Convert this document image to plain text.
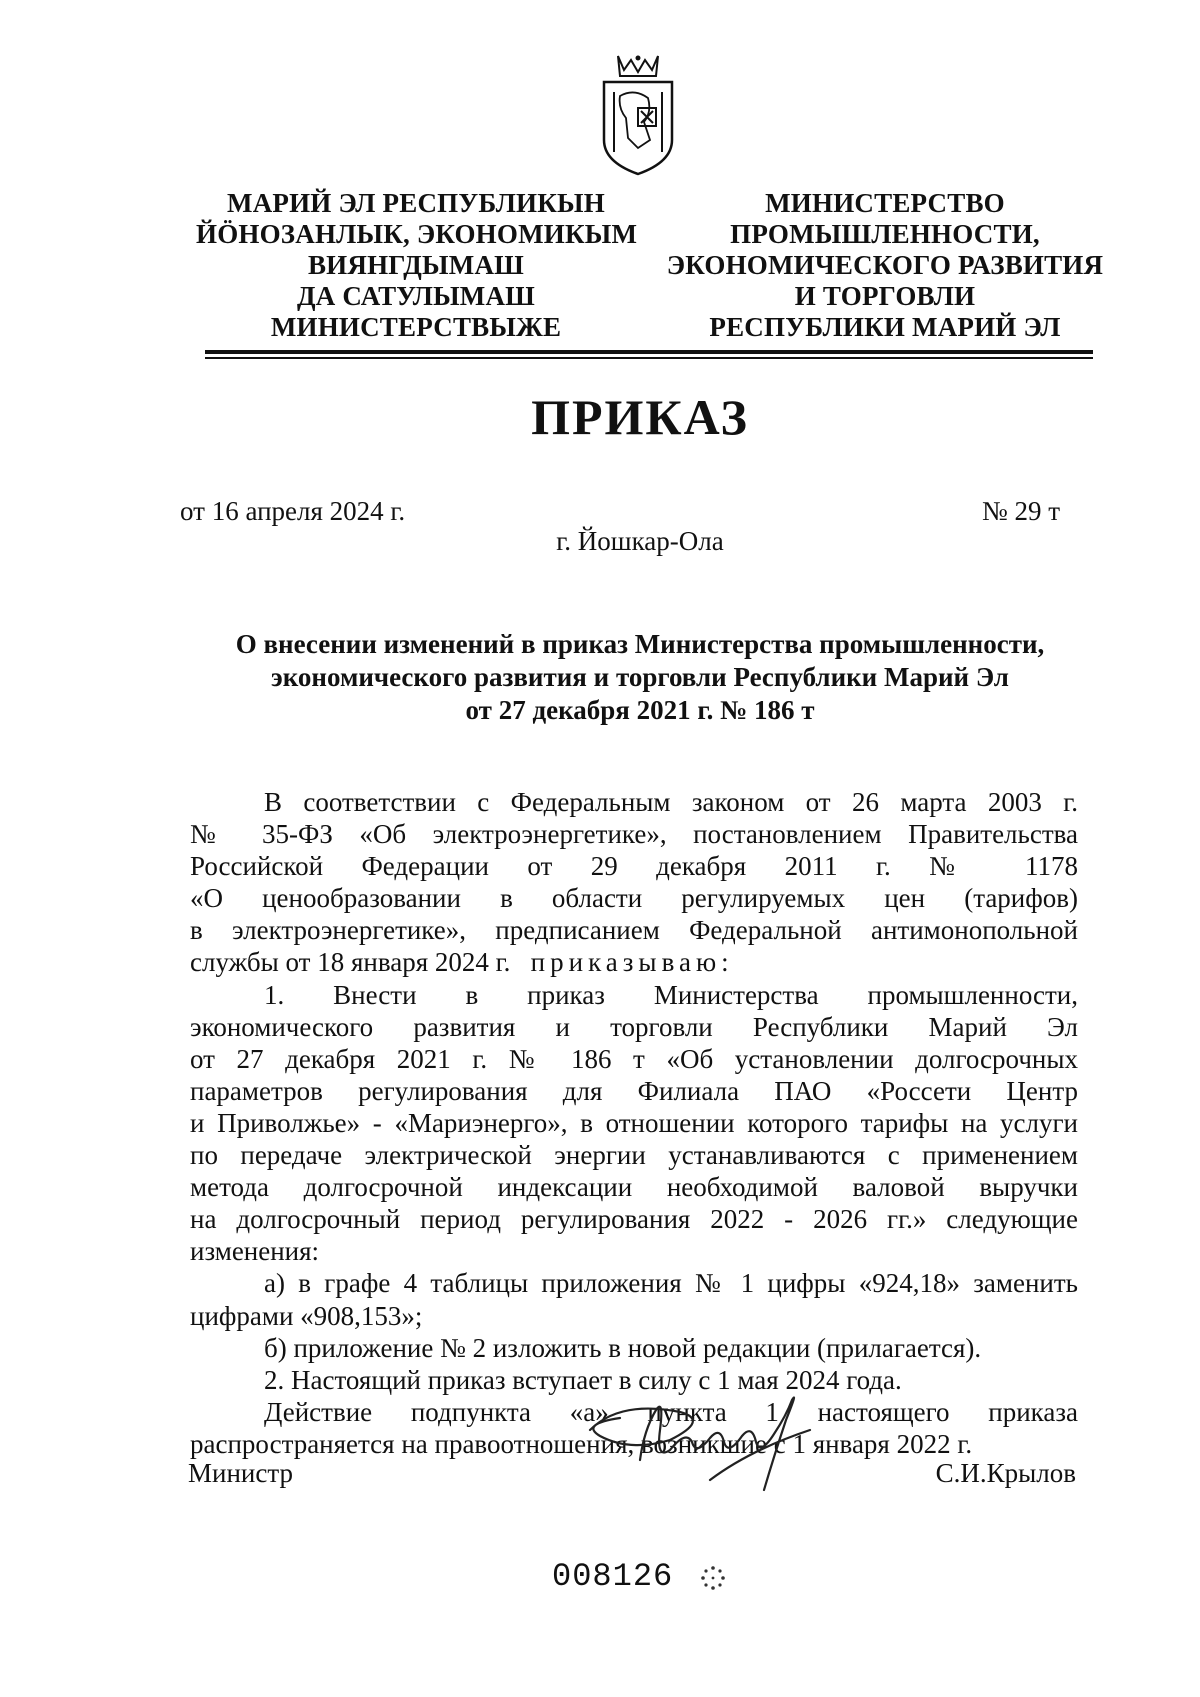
МАРИЙ ЭЛ РЕСПУБЛИКЫН
ЙӦНОЗАНЛЫК, ЭКОНОМИКЫМ
ВИЯНГДЫМАШ
ДА САТУЛЫМАШ
МИНИСТЕРСТВЫЖЕ
МИНИСТЕРСТВО
ПРОМЫШЛЕННОСТИ,
ЭКОНОМИЧЕСКОГО РАЗВИТИЯ
И ТОРГОВЛИ
РЕСПУБЛИКИ МАРИЙ ЭЛ
ПРИКАЗ
от 16 апреля 2024 г.	№ 29 т
г. Йошкар-Ола
О внесении изменений в приказ Министерства промышленности,
экономического развития и торговли Республики Марий Эл
от 27 декабря 2021 г. № 186 т
В соответствии с Федеральным законом от 26 марта 2003 г.
№ 35-ФЗ «Об электроэнергетике», постановлением Правительства
Российской Федерации от 29 декабря 2011 г. № 1178
«О ценообразовании в области регулируемых цен (тарифов)
в электроэнергетике», предписанием Федеральной антимонопольной
службы от 18 января 2024 г. приказываю:
1. Внести в приказ Министерства промышленности,
экономического развития и торговли Республики Марий Эл
от 27 декабря 2021 г. № 186 т «Об установлении долгосрочных
параметров регулирования для Филиала ПАО «Россети Центр
и Приволжье» - «Мариэнерго», в отношении которого тарифы на услуги
по передаче электрической энергии устанавливаются с применением
метода долгосрочной индексации необходимой валовой выручки
на долгосрочный период регулирования 2022 - 2026 гг.» следующие
изменения:
а) в графе 4 таблицы приложения № 1 цифры «924,18» заменить
цифрами «908,153»;
б) приложение № 2 изложить в новой редакции (прилагается).
2. Настоящий приказ вступает в силу с 1 мая 2024 года.
Действие подпункта «а» пункта 1 настоящего приказа
распространяется на правоотношения, возникшие с 1 января 2022 г.
Министр	С.И.Крылов
008126
